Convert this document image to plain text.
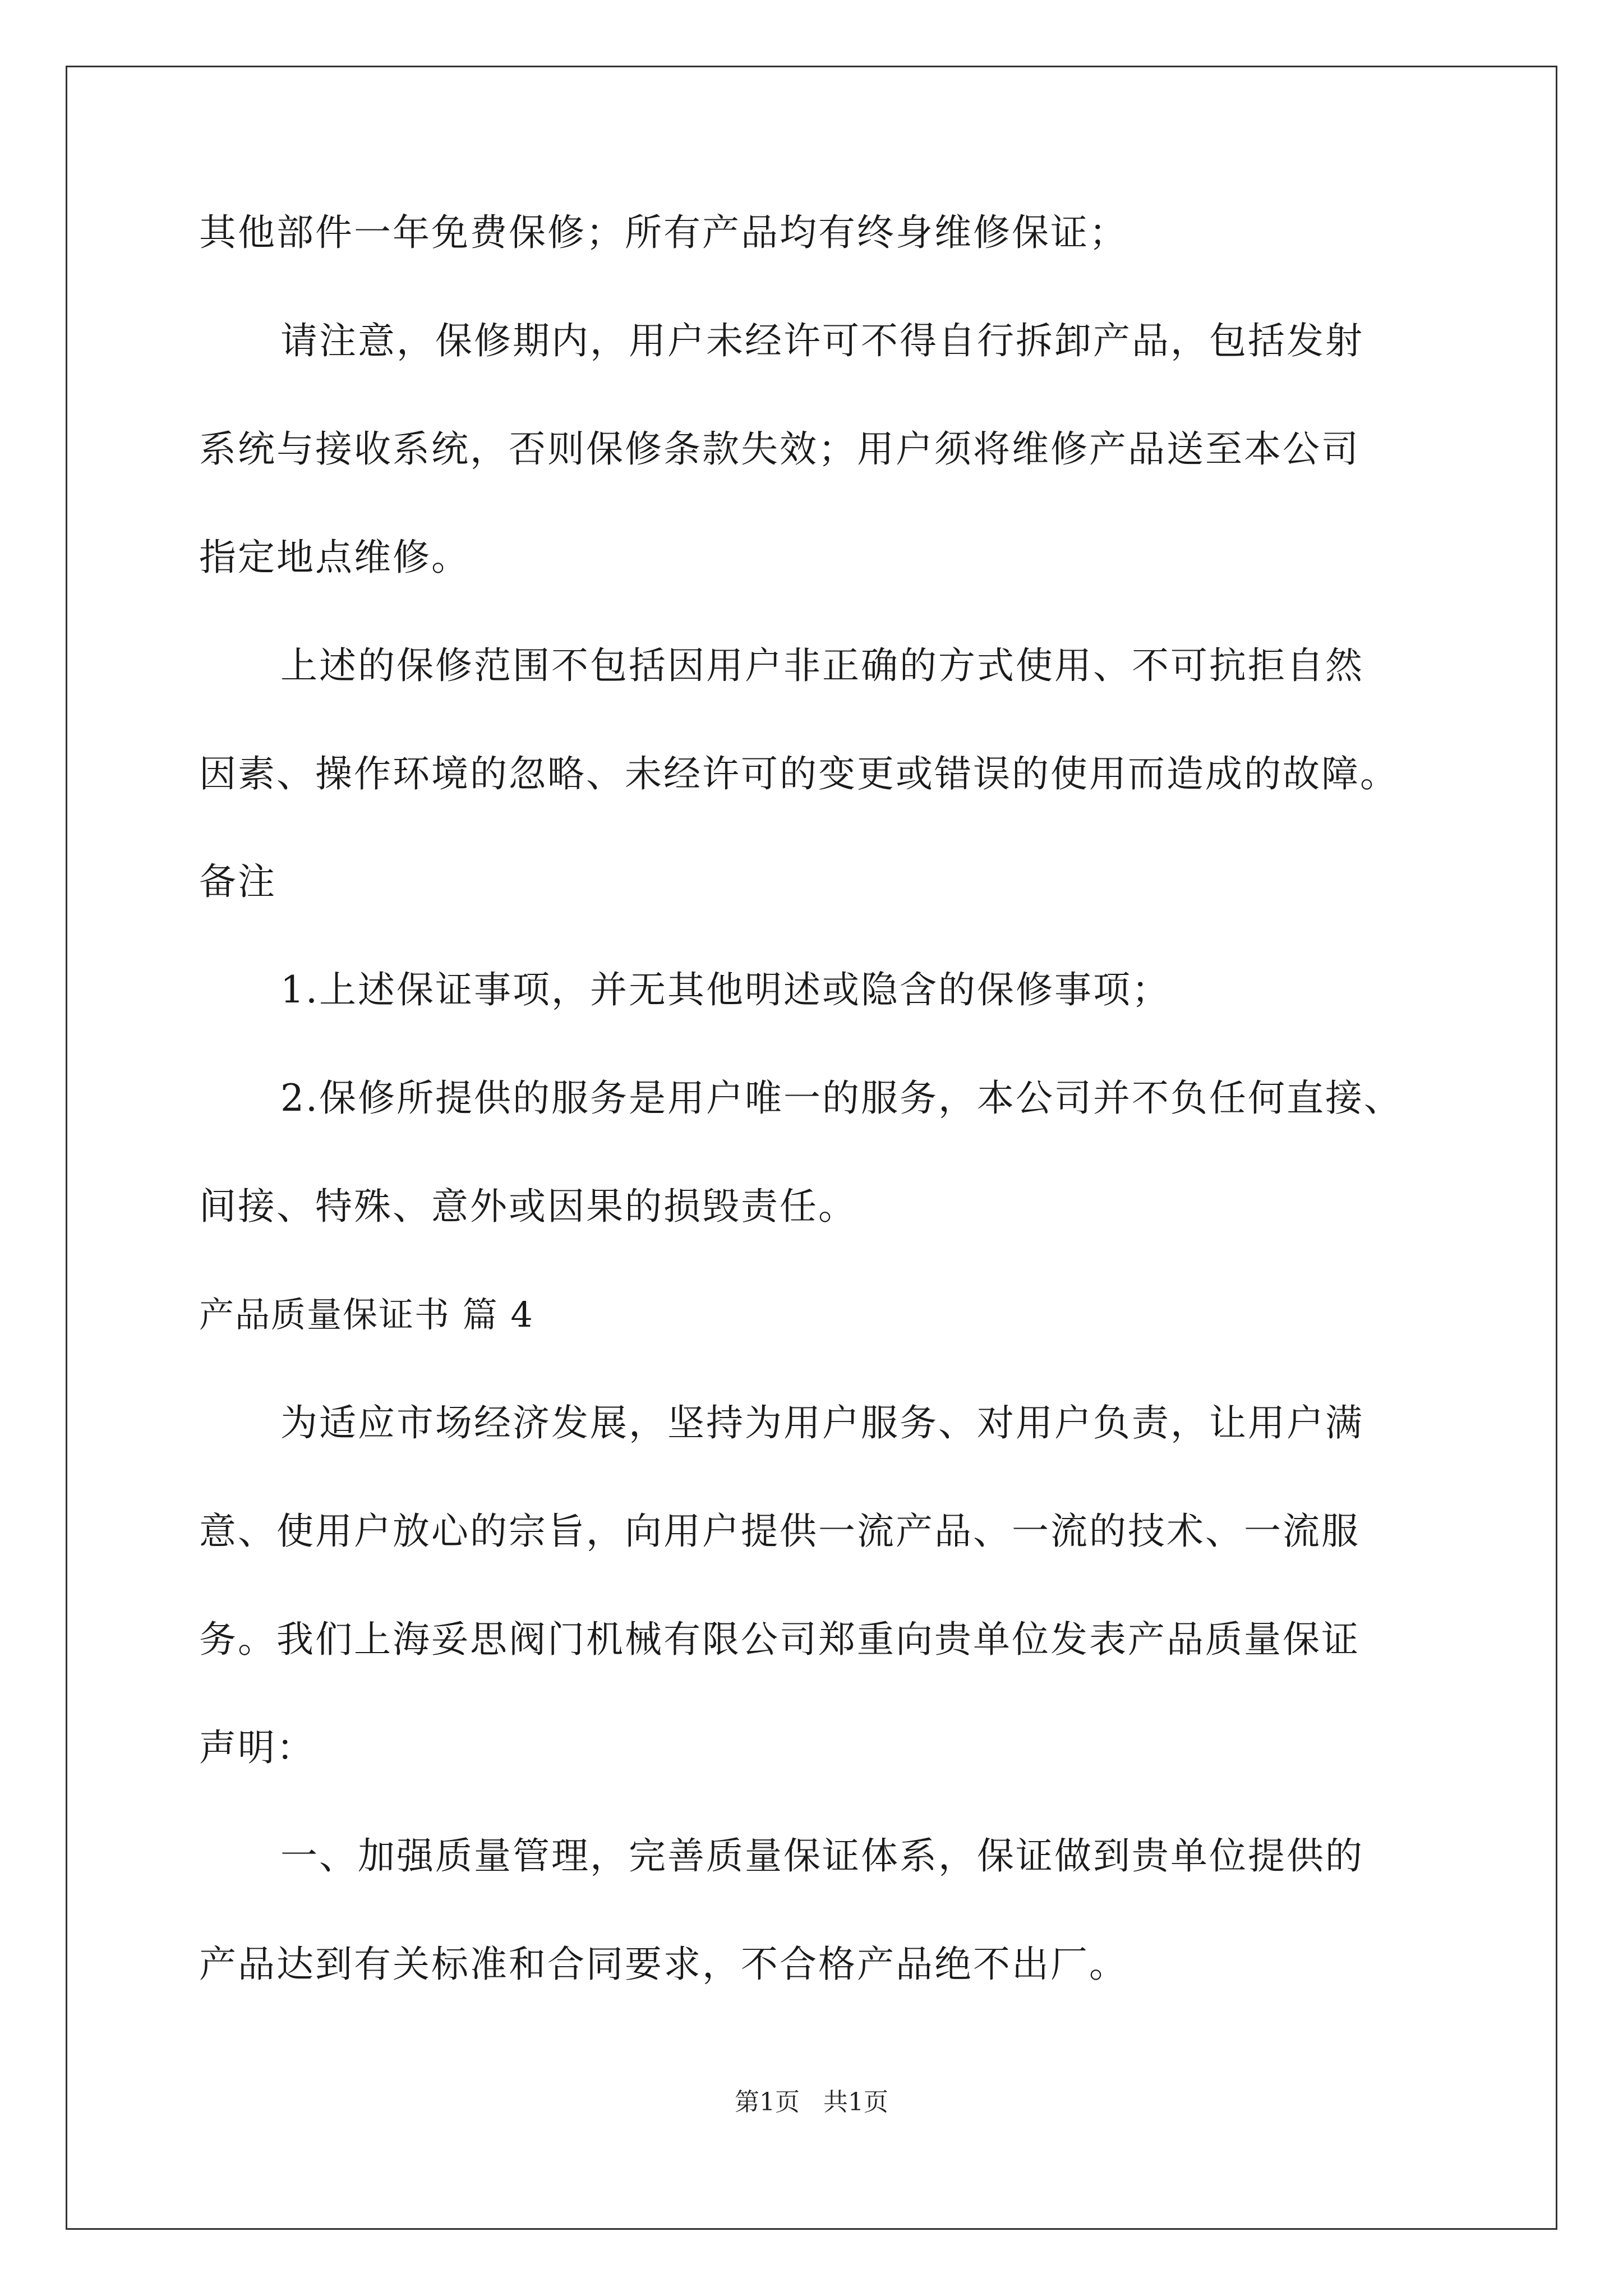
其他部件一年免费保修；所有产品均有终身维修保证；
请注意，保修期内，用户未经许可不得自行拆卸产品，包括发射
系统与接收系统，否则保修条款失效；用户须将维修产品送至本公司
指定地点维修。
上述的保修范围不包括因用户非正确的方式使用、不可抗拒自然
因素、操作环境的忽略、未经许可的变更或错误的使用而造成的故障。
备注
1.上述保证事项，并无其他明述或隐含的保修事项；
2.保修所提供的服务是用户唯一的服务，本公司并不负任何直接、
间接、特殊、意外或因果的损毁责任。
产品质量保证书 篇 4
为适应市场经济发展，坚持为用户服务、对用户负责，让用户满
意、使用户放心的宗旨，向用户提供一流产品、一流的技术、一流服
务。我们上海妥思阀门机械有限公司郑重向贵单位发表产品质量保证
声明：
一、加强质量管理，完善质量保证体系，保证做到贵单位提供的
产品达到有关标准和合同要求，不合格产品绝不出厂。
第1页 共1页
